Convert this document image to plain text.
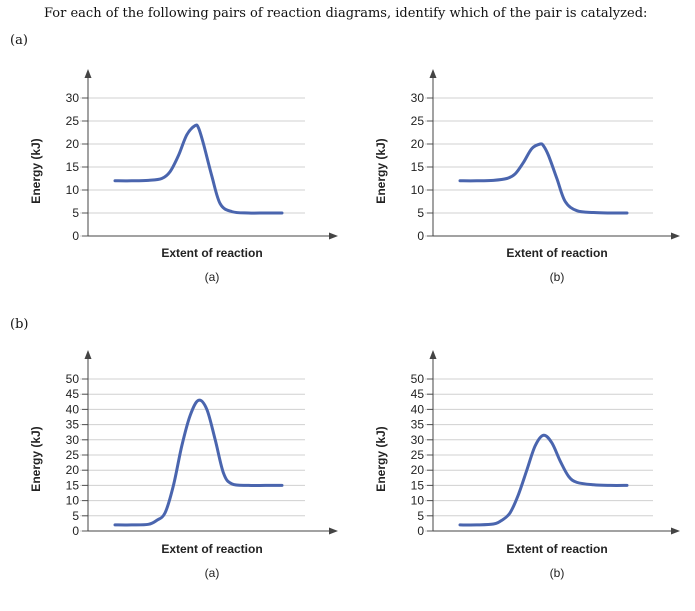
For each of the following pairs of reaction diagrams, identify which of the pair is catalyzed:
(a)
(b)
0
5
10
15
20
25
30
Extent of reaction
(a)
Energy (kJ)
0
5
10
15
20
25
30
Extent of reaction
(b)
Energy (kJ)
0
5
10
15
20
25
30
35
40
45
50
Extent of reaction
(a)
Energy (kJ)
0
5
10
15
20
25
30
35
40
45
50
Extent of reaction
(b)
Energy (kJ)
